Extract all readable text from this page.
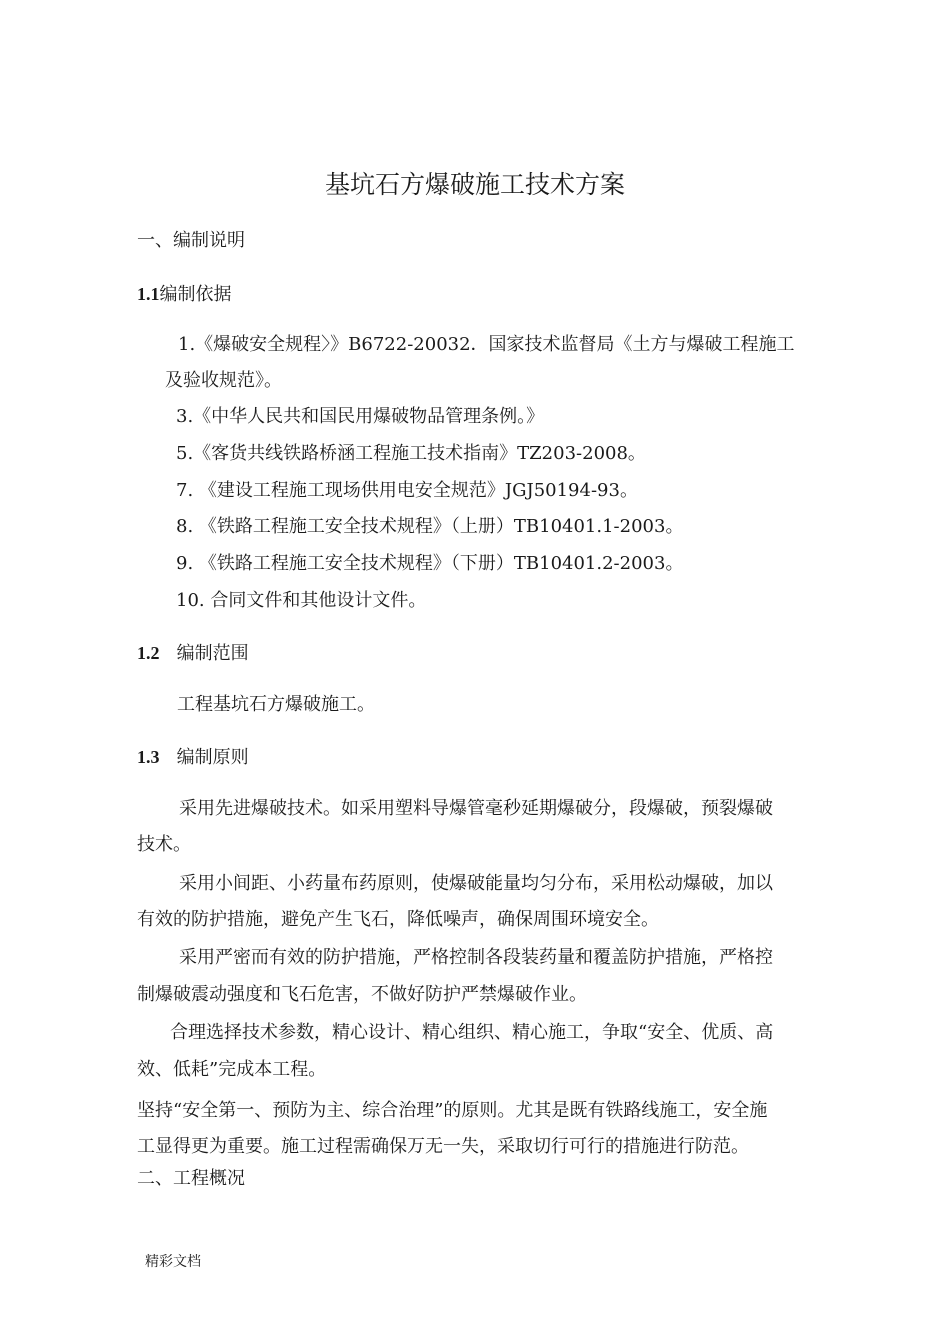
基坑石方爆破施工技术方案
一、编制说明
1.1编制依据
1.《爆破安全规程〉》B6722-20032．国家技术监督局《土方与爆破工程施工
及验收规范》。
3.《中华人民共和国民用爆破物品管理条例。》
5.《客货共线铁路桥涵工程施工技术指南》TZ203-2008。
7. 《建设工程施工现场供用电安全规范》JGJ50194-93。
8. 《铁路工程施工安全技术规程》（上册）TB10401.1-2003。
9. 《铁路工程施工安全技术规程》（下册）TB10401.2-2003。
10. 合同文件和其他设计文件。
1.2 编制范围
工程基坑石方爆破施工。
1.3 编制原则
采用先进爆破技术。如采用塑料导爆管毫秒延期爆破分，段爆破，预裂爆破
技术。
采用小间距、小药量布药原则，使爆破能量均匀分布，采用松动爆破，加以
有效的防护措施，避免产生飞石，降低噪声，确保周围环境安全。
采用严密而有效的防护措施，严格控制各段装药量和覆盖防护措施，严格控
制爆破震动强度和飞石危害，不做好防护严禁爆破作业。
合理选择技术参数，精心设计、精心组织、精心施工，争取“安全、优质、高
效、低耗”完成本工程。
坚持“安全第一、预防为主、综合治理”的原则。尤其是既有铁路线施工，安全施
工显得更为重要。施工过程需确保万无一失，采取切行可行的措施进行防范。
二、工程概况
精彩文档
